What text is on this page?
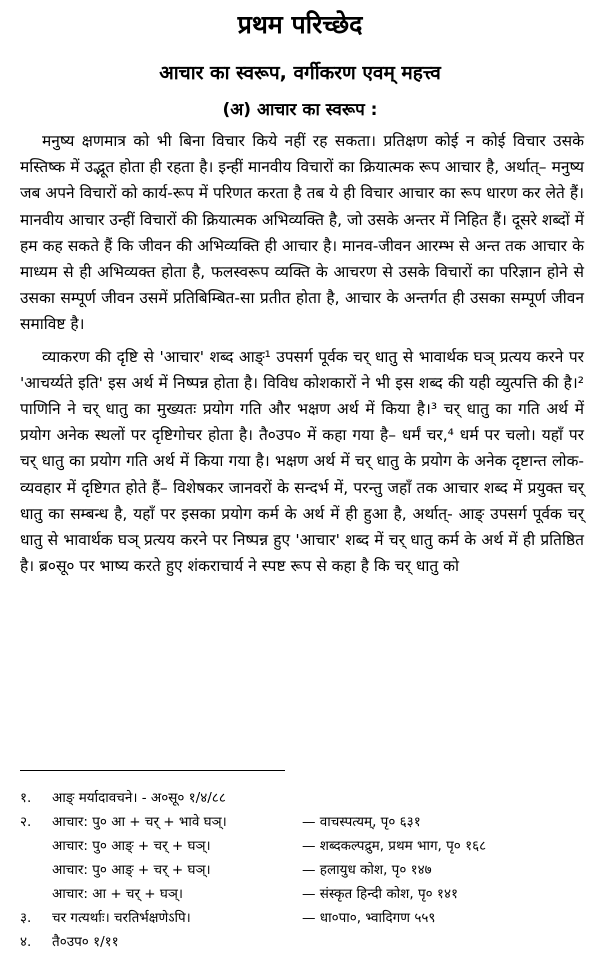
प्रथम परिच्छेद
आचार का स्वरूप, वर्गीकरण एवम् महत्त्व
(अ) आचार का स्वरूप :

मनुष्य क्षणमात्र को भी बिना विचार किये नहीं रह सकता। प्रतिक्षण कोई न कोई विचार उसके मस्तिष्क में उद्भूत होता ही रहता है। इन्हीं मानवीय विचारों का क्रियात्मक रूप आचार है, अर्थात्– मनुष्य जब अपने विचारों को कार्य-रूप में परिणत करता है तब ये ही विचार आचार का रूप धारण कर लेते हैं। मानवीय आचार उन्हीं विचारों की क्रियात्मक अभिव्यक्ति है, जो उसके अन्तर में निहित हैं। दूसरे शब्दों में हम कह सकते हैं कि जीवन की अभिव्यक्ति ही आचार है। मानव-जीवन आरम्भ से अन्त तक आचार के माध्यम से ही अभिव्यक्त होता है, फलस्वरूप व्यक्ति के आचरण से उसके विचारों का परिज्ञान होने से उसका सम्पूर्ण जीवन उसमें प्रतिबिम्बित-सा प्रतीत होता है, आचार के अन्तर्गत ही उसका सम्पूर्ण जीवन समाविष्ट है।

व्याकरण की दृष्टि से 'आचार' शब्द आङ्¹ उपसर्ग पूर्वक चर् धातु से भावार्थक घञ् प्रत्यय करने पर 'आचर्य्यते इति' इस अर्थ में निष्पन्न होता है। विविध कोशकारों ने भी इस शब्द की यही व्युत्पत्ति की है।² पाणिनि ने चर् धातु का मुख्यतः प्रयोग गति और भक्षण अर्थ में किया है।³ चर् धातु का गति अर्थ में प्रयोग अनेक स्थलों पर दृष्टिगोचर होता है। तै०उप० में कहा गया है– धर्मं चर,⁴ धर्म पर चलो। यहाँ पर चर् धातु का प्रयोग गति अर्थ में किया गया है। भक्षण अर्थ में चर् धातु के प्रयोग के अनेक दृष्टान्त लोक-व्यवहार में दृष्टिगत होते हैं– विशेषकर जानवरों के सन्दर्भ में, परन्तु जहाँ तक आचार शब्द में प्रयुक्त चर् धातु का सम्बन्ध है, यहाँ पर इसका प्रयोग कर्म के अर्थ में ही हुआ है, अर्थात्- आङ् उपसर्ग पूर्वक चर् धातु से भावार्थक घञ् प्रत्यय करने पर निष्पन्न हुए 'आचार' शब्द में चर् धातु कर्म के अर्थ में ही प्रतिष्ठित है। ब्र०सू० पर भाष्य करते हुए शंकराचार्य ने स्पष्ट रूप से कहा है कि चर् धातु को

१.	आङ् मर्यादावचने। - अ०सू० १/४/८८
२.	आचार: पु० आ + चर् + भावे घञ्।	— वाचस्पत्यम्, पृ० ६३१
आचार: पु० आङ् + चर् + घञ्।	— शब्दकल्पद्रुम, प्रथम भाग, पृ० १६८
आचार: पु० आङ् + चर् + घञ्।	— हलायुध कोश, पृ० १४७
आचार: आ + चर् + घञ्।	— संस्कृत हिन्दी कोश, पृ० १४१
३.	चर गत्यर्थाः। चरतिर्भक्षणेऽपि।	— धा०पा०, भ्वादिगण ५५९
४.	तै०उप० १/११
